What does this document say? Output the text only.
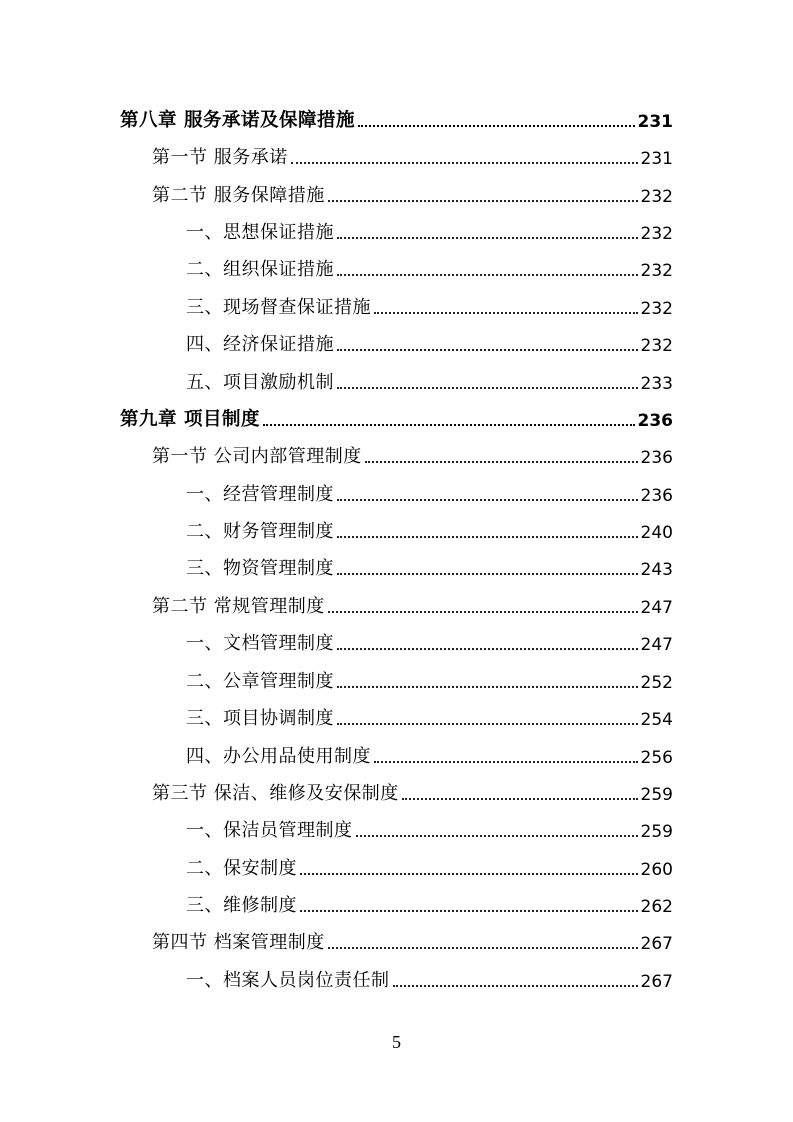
第八章 服务承诺及保障措施	231
第一节 服务承诺	231
第二节 服务保障措施	232
一、思想保证措施	232
二、组织保证措施	232
三、现场督查保证措施	232
四、经济保证措施	232
五、项目激励机制	233
第九章 项目制度	236
第一节 公司内部管理制度	236
一、经营管理制度	236
二、财务管理制度	240
三、物资管理制度	243
第二节 常规管理制度	247
一、文档管理制度	247
二、公章管理制度	252
三、项目协调制度	254
四、办公用品使用制度	256
第三节 保洁、维修及安保制度	259
一、保洁员管理制度	259
二、保安制度	260
三、维修制度	262
第四节 档案管理制度	267
一、档案人员岗位责任制	267
5
